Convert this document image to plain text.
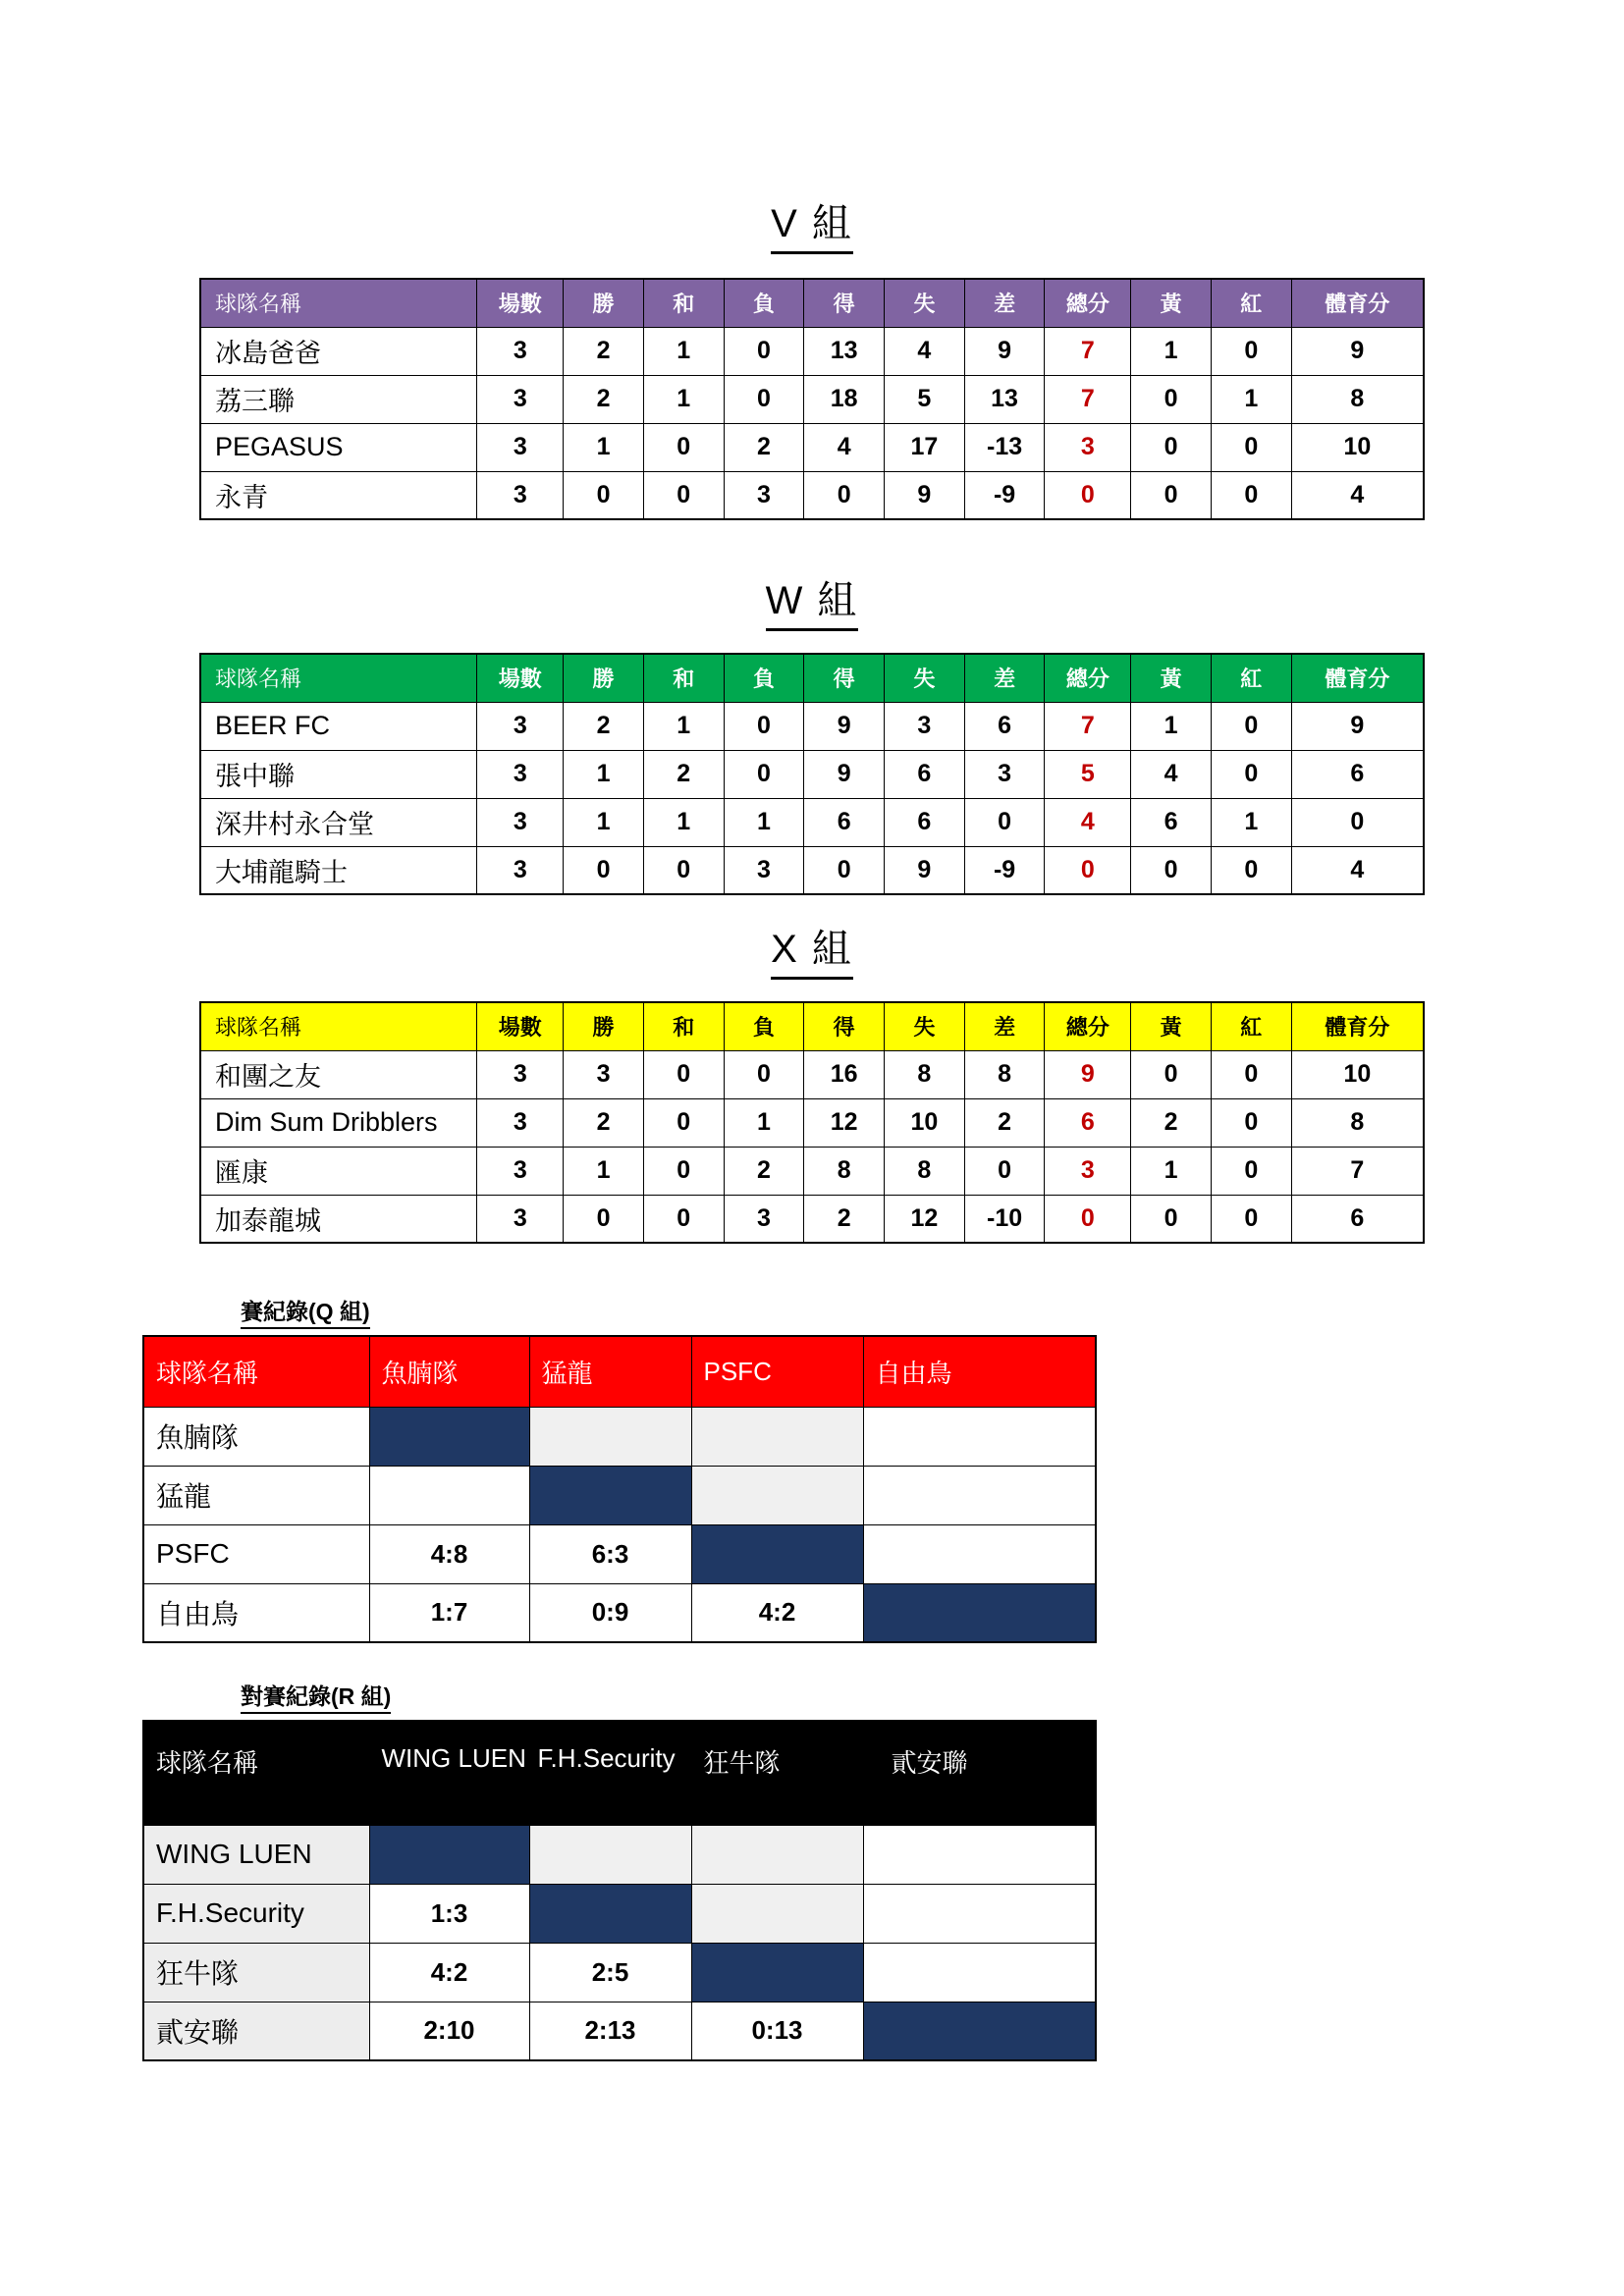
V 組
球隊名稱	場數	勝	和	負	得	失	差	總分	黃	紅	體育分
冰島爸爸	3	2	1	0	13	4	9	7	1	0	9
荔三聯	3	2	1	0	18	5	13	7	0	1	8
PEGASUS	3	1	0	2	4	17	-13	3	0	0	10
永青	3	0	0	3	0	9	-9	0	0	0	4
W 組
球隊名稱	場數	勝	和	負	得	失	差	總分	黃	紅	體育分
BEER FC	3	2	1	0	9	3	6	7	1	0	9
張中聯	3	1	2	0	9	6	3	5	4	0	6
深井村永合堂	3	1	1	1	6	6	0	4	6	1	0
大埔龍騎士	3	0	0	3	0	9	-9	0	0	0	4
X 組
球隊名稱	場數	勝	和	負	得	失	差	總分	黃	紅	體育分
和團之友	3	3	0	0	16	8	8	9	0	0	10
Dim Sum Dribblers	3	2	0	1	12	10	2	6	2	0	8
匯康	3	1	0	2	8	8	0	3	1	0	7
加泰龍城	3	0	0	3	2	12	-10	0	0	0	6
賽紀錄(Q 組)
球隊名稱	魚腩隊	猛龍	PSFC	自由鳥
魚腩隊				
猛龍				
PSFC	4:8	6:3		
自由鳥	1:7	0:9	4:2	
對賽紀錄(R 組)
球隊名稱	WING LUEN	F.H.Security	狂牛隊	貳安聯
WING LUEN				
F.H.Security	1:3			
狂牛隊	4:2	2:5		
貳安聯	2:10	2:13	0:13	
